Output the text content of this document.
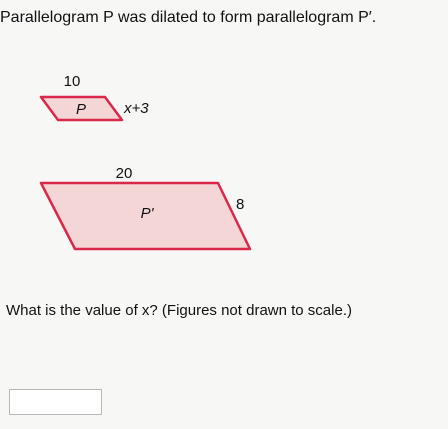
Parallelogram P was dilated to form parallelogram P′.
10
P	x+3
20
P'
8
What is the value of x? (Figures not drawn to scale.)
